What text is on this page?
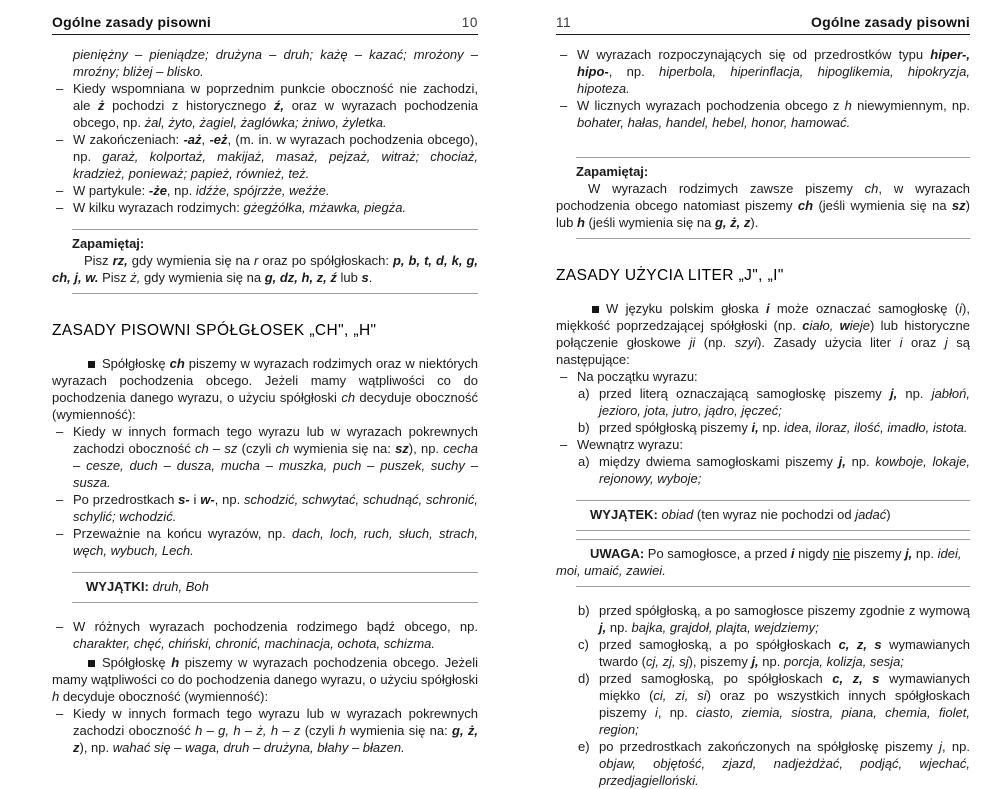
Ogólne zasady pisowni	10

pieniężny – pieniądze; drużyna – druh; każę – kazać; mrożony – mroźny; bliżej – blisko.

– Kiedy wspomniana w poprzednim punkcie oboczność nie zachodzi, ale ż pochodzi z historycznego ź, oraz w wyrazach pochodzenia obcego, np. żal, żyto, żagiel, żaglówka; żniwo, żyletka.

– W zakończeniach: -aż, -eż, (m. in. w wyrazach pochodzenia obcego), np. garaż, kolportaż, makijaż, masaż, pejzaż, witraż; chociaż, kradzież, ponieważ; papież, również, też.

– W partykule: -że, np. idźże, spójrzże, weźże.

– W kilku wyrazach rodzimych: gżegżółka, mżawka, piegża.

Zapamiętaj:

Pisz rz, gdy wymienia się na r oraz po spółgłoskach: p, b, t, d, k, g, ch, j, w. Pisz ż, gdy wymienia się na g, dz, h, z, ź lub s.

ZASADY PISOWNI SPÓŁGŁOSEK „CH", „H"

Spółgłoskę ch piszemy w wyrazach rodzimych oraz w niektórych wyrazach pochodzenia obcego. Jeżeli mamy wątpliwości co do pochodzenia danego wyrazu, o użyciu spółgłoski ch decyduje oboczność (wymienność):

– Kiedy w innych formach tego wyrazu lub w wyrazach pokrewnych zachodzi oboczność ch – sz (czyli ch wymienia się na: sz), np. cecha – cesze, duch – dusza, mucha – muszka, puch – puszek, suchy – susza.

– Po przedrostkach s- i w-, np. schodzić, schwytać, schudnąć, schronić, schylić; wchodzić.

– Przeważnie na końcu wyrazów, np. dach, loch, ruch, słuch, strach, węch, wybuch, Lech.

WYJĄTKI: druh, Boh

– W różnych wyrazach pochodzenia rodzimego bądź obcego, np. charakter, chęć, chiński, chronić, machinacja, ochota, schizma.

Spółgłoskę h piszemy w wyrazach pochodzenia obcego. Jeżeli mamy wątpliwości co do pochodzenia danego wyrazu, o użyciu spółgłoski h decyduje oboczność (wymienność):

– Kiedy w innych formach tego wyrazu lub w wyrazach pokrewnych zachodzi oboczność h – g, h – ż, h – z (czyli h wymienia się na: g, ż, z), np. wahać się – waga, druh – drużyna, błahy – błazen.

11	Ogólne zasady pisowni
– W wyrazach rozpoczynających się od przedrostków typu hiper-, hipo-, np. hiperbola, hiperinflacja, hipoglikemia, hipokryzja, hipoteza.

– W licznych wyrazach pochodzenia obcego z h niewymiennym, np. bohater, hałas, handel, hebel, honor, hamować.

Zapamiętaj:

W wyrazach rodzimych zawsze piszemy ch, w wyrazach pochodzenia obcego natomiast piszemy ch (jeśli wymienia się na sz) lub h (jeśli wymienia się na g, ż, z).

ZASADY UŻYCIA LITER „J", „I"

W języku polskim głoska i może oznaczać samogłoskę (i), miękkość poprzedzającej spółgłoski (np. ciało, wieje) lub historyczne połączenie głoskowe ji (np. szyi). Zasady użycia liter i oraz j są następujące:

– Na początku wyrazu:

a) przed literą oznaczającą samogłoskę piszemy j, np. jabłoń, jezioro, jota, jutro, jądro, jęczeć;

b) przed spółgłoską piszemy i, np. idea, iloraz, ilość, imadło, istota.

– Wewnątrz wyrazu:

a) między dwiema samogłoskami piszemy j, np. kowboje, lokaje, rejonowy, wyboje;

WYJĄTEK: obiad (ten wyraz nie pochodzi od jadać)

UWAGA: Po samogłosce, a przed i nigdy nie piszemy j, np. idei, moi, umaić, zawiei.

b) przed spółgłoską, a po samogłosce piszemy zgodnie z wymową j, np. bajka, grajdoł, plajta, wejdziemy;

c) przed samogłoską, a po spółgłoskach c, z, s wymawianych twardo (cj, zj, sj), piszemy j, np. porcja, kolizja, sesja;

d) przed samogłoską, po spółgłoskach c, z, s wymawianych miękko (ci, zi, si) oraz po wszystkich innych spółgłoskach piszemy i, np. ciasto, ziemia, siostra, piana, chemia, fiolet, region;

e) po przedrostkach zakończonych na spółgłoskę piszemy j, np. objaw, objętość, zjazd, nadjeżdżać, podjąć, wjechać, przedjagielloński.
